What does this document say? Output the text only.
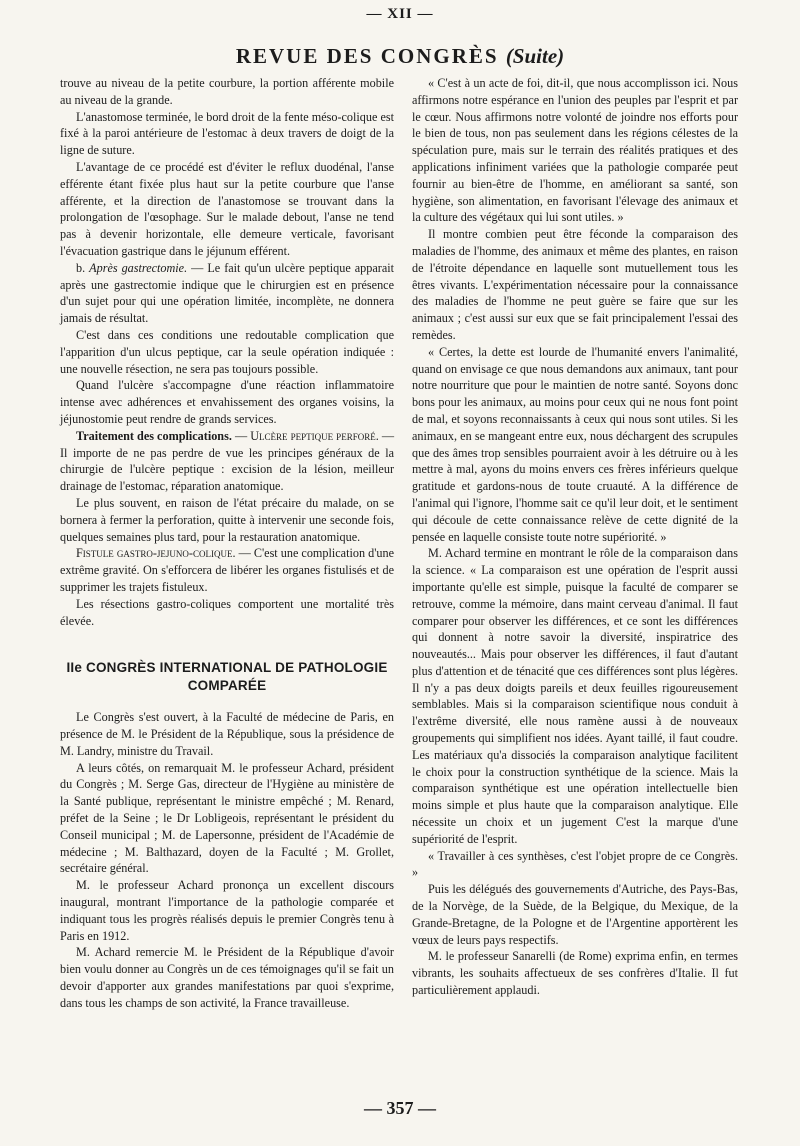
— XII —
REVUE DES CONGRÈS (Suite)

trouve au niveau de la petite courbure, la portion afférente mobile au niveau de la grande.

L'anastomose terminée, le bord droit de la fente méso-colique est fixé à la paroi antérieure de l'estomac à deux travers de doigt de la ligne de suture.

L'avantage de ce procédé est d'éviter le reflux duodénal, l'anse efférente étant fixée plus haut sur la petite courbure que l'anse afférente, et la direction de l'anastomose se trouvant dans la prolongation de l'œsophage. Sur le malade debout, l'anse ne tend pas à devenir horizontale, elle demeure verticale, favorisant l'évacuation gastrique dans le jéjunum efférent.

b. Après gastrectomie. — Le fait qu'un ulcère peptique apparait après une gastrectomie indique que le chirurgien est en présence d'un sujet pour qui une opération limitée, incomplète, ne donnera jamais de résultat.

C'est dans ces conditions une redoutable complication que l'apparition d'un ulcus peptique, car la seule opération indiquée : une nouvelle résection, ne sera pas toujours possible.

Quand l'ulcère s'accompagne d'une réaction inflammatoire intense avec adhérences et envahissement des organes voisins, la jéjunostomie peut rendre de grands services.

Traitement des complications. — Ulcère peptique perforé. — Il importe de ne pas perdre de vue les principes généraux de la chirurgie de l'ulcère peptique : excision de la lésion, meilleur drainage de l'estomac, réparation anatomique.

Le plus souvent, en raison de l'état précaire du malade, on se bornera à fermer la perforation, quitte à intervenir une seconde fois, quelques semaines plus tard, pour la restauration anatomique.

Fistule gastro-jejuno-colique. — C'est une complication d'une extrême gravité. On s'efforcera de libérer les organes fistulisés et de supprimer les trajets fistuleux.

Les résections gastro-coliques comportent une mortalité très élevée.

IIe CONGRÈS INTERNATIONAL DE PATHOLOGIE
COMPARÉE

Le Congrès s'est ouvert, à la Faculté de médecine de Paris, en présence de M. le Président de la République, sous la présidence de M. Landry, ministre du Travail.

A leurs côtés, on remarquait M. le professeur Achard, président du Congrès ; M. Serge Gas, directeur de l'Hygiène au ministère de la Santé publique, représentant le ministre empêché ; M. Renard, préfet de la Seine ; le Dr Lobligeois, représentant le président du Conseil municipal ; M. de Lapersonne, président de l'Académie de médecine ; M. Balthazard, doyen de la Faculté ; M. Grollet, secrétaire général.

M. le professeur Achard prononça un excellent discours inaugural, montrant l'importance de la pathologie comparée et indiquant tous les progrès réalisés depuis le premier Congrès tenu à Paris en 1912.

M. Achard remercie M. le Président de la République d'avoir bien voulu donner au Congrès un de ces témoignages qu'il se fait un devoir d'apporter aux grandes manifestations par quoi s'exprime, dans tous les champs de son activité, la France travailleuse.

« C'est à un acte de foi, dit-il, que nous accomplisson ici. Nous affirmons notre espérance en l'union des peuples par l'esprit et par le cœur. Nous affirmons notre volonté de joindre nos efforts pour le bien de tous, non pas seulement dans les régions célestes de la spéculation pure, mais sur le terrain des réalités pratiques et des applications infiniment variées que la pathologie comparée peut fournir au bien-être de l'homme, en améliorant sa santé, son hygiène, son alimentation, en favorisant l'élevage des animaux et la culture des végétaux qui lui sont utiles. »

Il montre combien peut être féconde la comparaison des maladies de l'homme, des animaux et même des plantes, en raison de l'étroite dépendance en laquelle sont mutuellement tous les êtres vivants. L'expérimentation nécessaire pour la connaissance des maladies de l'homme ne peut guère se faire que sur les animaux ; c'est aussi sur eux que se fait principalement l'essai des remèdes.

« Certes, la dette est lourde de l'humanité envers l'animalité, quand on envisage ce que nous demandons aux animaux, tant pour notre nourriture que pour le maintien de notre santé. Soyons donc bons pour les animaux, au moins pour ceux qui ne nous font point de mal, et soyons reconnaissants à ceux qui nous sont utiles. Si les animaux, en se mangeant entre eux, nous déchargent des scrupules que des âmes trop sensibles pourraient avoir à les détruire ou à les mettre à mal, ayons du moins envers ces frères inférieurs quelque gratitude et gardons-nous de toute cruauté. A la différence de l'animal qui l'ignore, l'homme sait ce qu'il leur doit, et le sentiment qui découle de cette connaissance relève de cette dignité de la pensée en laquelle consiste toute notre supériorité. »

M. Achard termine en montrant le rôle de la comparaison dans la science. « La comparaison est une opération de l'esprit aussi importante qu'elle est simple, puisque la faculté de comparer se retrouve, comme la mémoire, dans maint cerveau d'animal. Il faut comparer pour observer les différences, et ce sont les différences qui donnent à notre savoir la diversité, inspiratrice des nouveautés... Mais pour observer les différences, il faut d'autant plus d'attention et de ténacité que ces différences sont plus légères. Il n'y a pas deux doigts pareils et deux feuilles rigoureusement semblables. Mais si la comparaison scientifique nous conduit à l'extrême diversité, elle nous ramène aussi à de nouveaux groupements qui simplifient nos idées. Ayant taillé, il faut coudre. Les matériaux qu'a dissociés la comparaison analytique facilitent le choix pour la construction synthétique de la science. Mais la comparaison synthétique est une opération intellectuelle bien moins simple et plus haute que la comparaison analytique. Elle nécessite un choix et un jugement C'est la marque d'une supériorité de l'esprit.

« Travailler à ces synthèses, c'est l'objet propre de ce Congrès. »

Puis les délégués des gouvernements d'Autriche, des Pays-Bas, de la Norvège, de la Suède, de la Belgique, du Mexique, de la Grande-Bretagne, de la Pologne et de l'Argentine apportèrent les vœux de leurs pays respectifs.

M. le professeur Sanarelli (de Rome) exprima enfin, en termes vibrants, les souhaits affectueux de ses confrères d'Italie. Il fut particulièrement applaudi.

— 357 —
